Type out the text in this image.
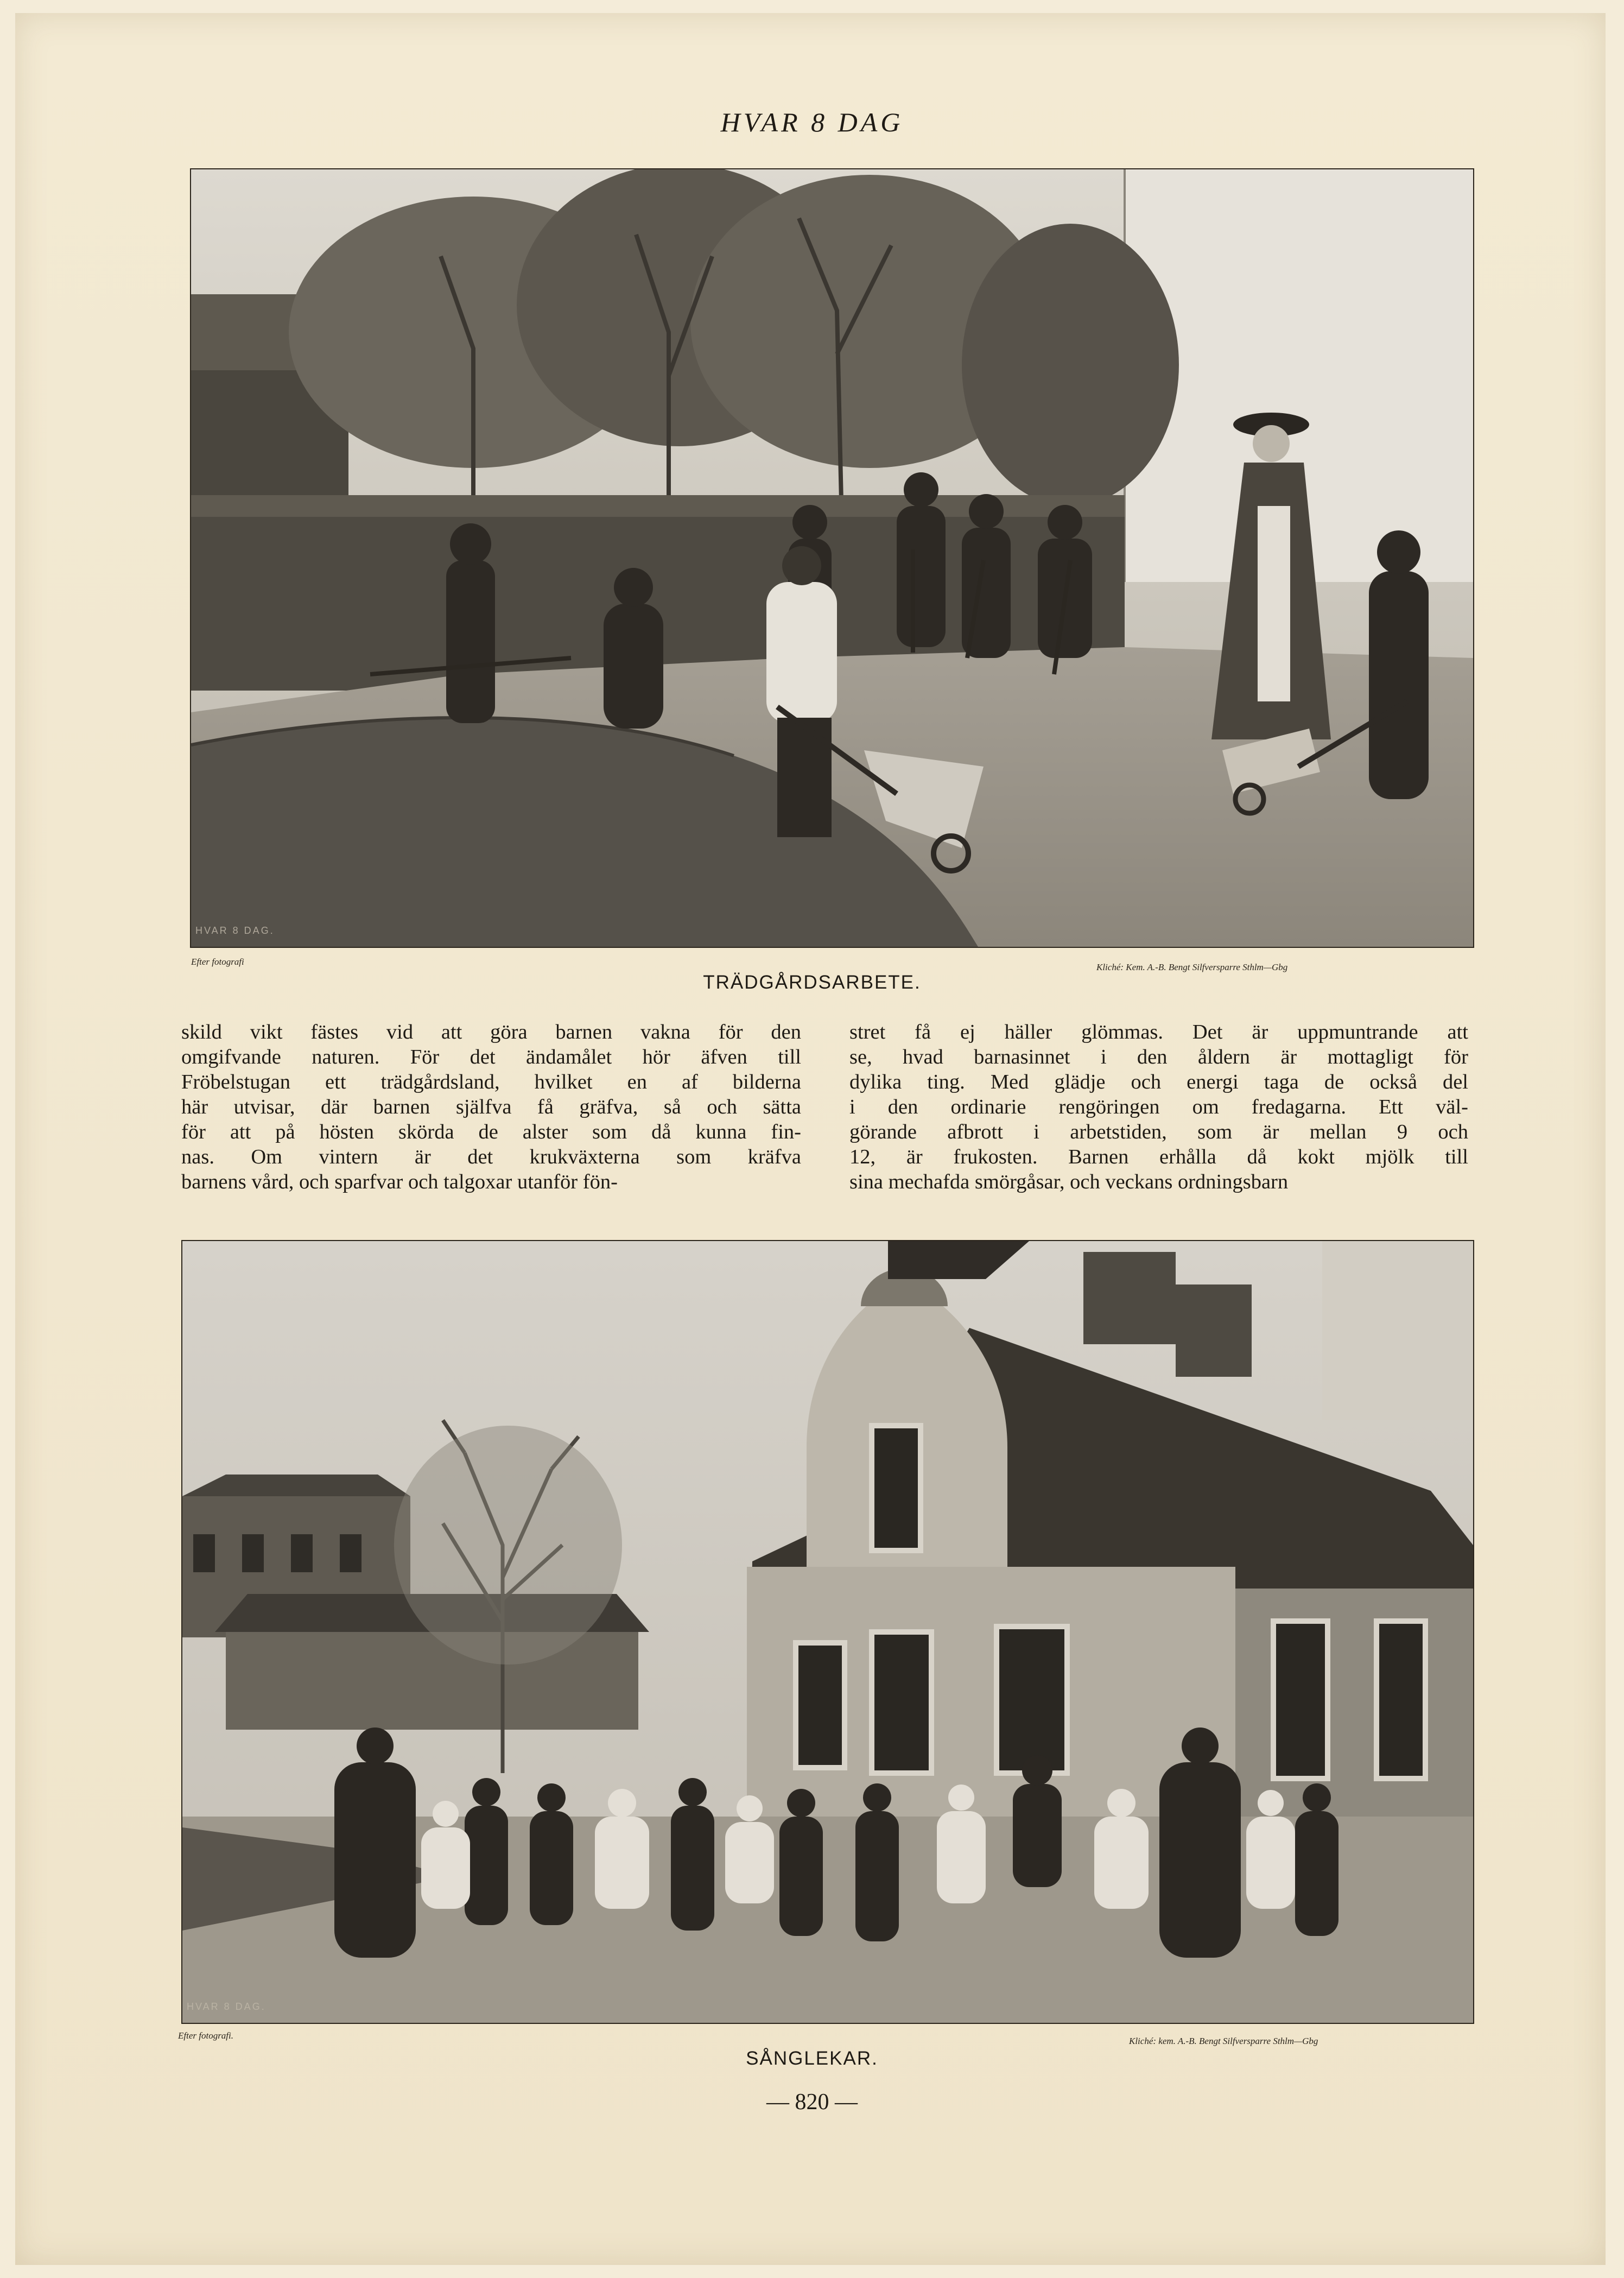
HVAR 8 DAG
HVAR 8 DAG.
Efter fotografi
Kliché: Kem. A.-B. Bengt Silfversparre Sthlm—Gbg
TRÄDGÅRDSARBETE.
skild vikt fästes vid att göra barnen vakna för den
omgifvande naturen. För det ändamålet hör äfven till
Fröbelstugan ett trädgårdsland, hvilket en af bilderna
här utvisar, där barnen själfva få gräfva, så och sätta
för att på hösten skörda de alster som då kunna fin-
nas. Om vintern är det krukväxterna som kräfva
barnens vård, och sparfvar och talgoxar utanför fön-
stret få ej häller glömmas. Det är uppmuntrande att
se, hvad barnasinnet i den åldern är mottagligt för
dylika ting. Med glädje och energi taga de också del
i den ordinarie rengöringen om fredagarna. Ett väl-
görande afbrott i arbetstiden, som är mellan 9 och
12, är frukosten. Barnen erhålla då kokt mjölk till
sina mechafda smörgåsar, och veckans ordningsbarn
HVAR 8 DAG.
Efter fotografi.
Kliché: kem. A.-B. Bengt Silfversparre Sthlm—Gbg
SÅNGLEKAR.
— 820 —
